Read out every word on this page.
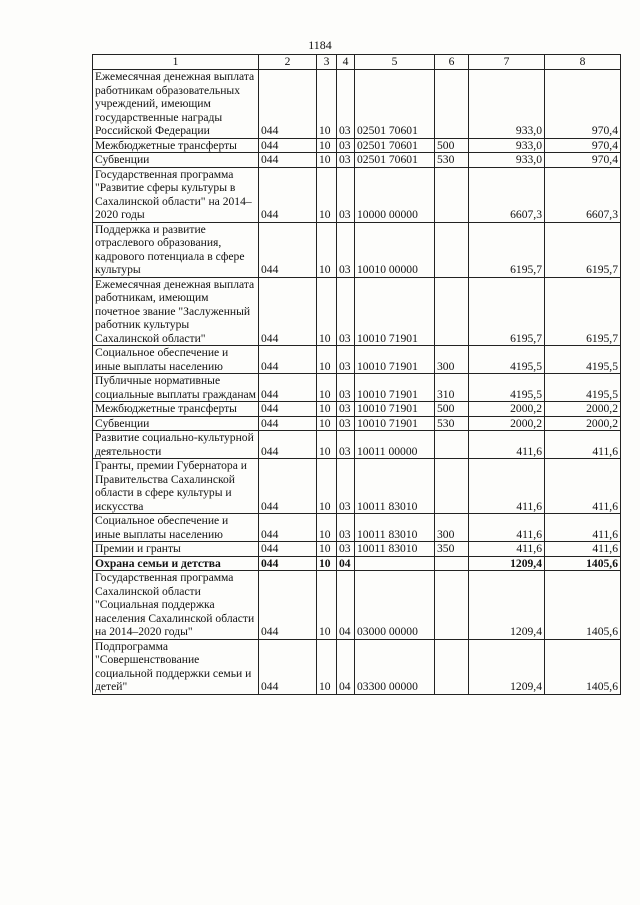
1184
1	2	3	4	5	6	7	8
Ежемесячная денежная выплата работникам образовательных учреждений, имеющим государственные награды Российской Федерации	044	10	03	02501 70601		933,0	970,4
Межбюджетные трансферты	044	10	03	02501 70601	500	933,0	970,4
Субвенции	044	10	03	02501 70601	530	933,0	970,4
Государственная программа "Развитие сферы культуры в Сахалинской области" на 2014–2020 годы	044	10	03	10000 00000		6607,3	6607,3
Поддержка и развитие отраслевого образования, кадрового потенциала в сфере культуры	044	10	03	10010 00000		6195,7	6195,7
Ежемесячная денежная выплата работникам, имеющим почетное звание "Заслуженный работник культуры Сахалинской области"	044	10	03	10010 71901		6195,7	6195,7
Социальное обеспечение и иные выплаты населению	044	10	03	10010 71901	300	4195,5	4195,5
Публичные нормативные социальные выплаты гражданам	044	10	03	10010 71901	310	4195,5	4195,5
Межбюджетные трансферты	044	10	03	10010 71901	500	2000,2	2000,2
Субвенции	044	10	03	10010 71901	530	2000,2	2000,2
Развитие социально-культурной деятельности	044	10	03	10011 00000		411,6	411,6
Гранты, премии Губернатора и Правительства Сахалинской области в сфере культуры и искусства	044	10	03	10011 83010		411,6	411,6
Социальное обеспечение и иные выплаты населению	044	10	03	10011 83010	300	411,6	411,6
Премии и гранты	044	10	03	10011 83010	350	411,6	411,6
Охрана семьи и детства	044	10	04			1209,4	1405,6
Государственная программа Сахалинской области "Социальная поддержка населения Сахалинской области на 2014–2020 годы"	044	10	04	03000 00000		1209,4	1405,6
Подпрограмма "Совершенствование социальной поддержки семьи и детей"	044	10	04	03300 00000		1209,4	1405,6
